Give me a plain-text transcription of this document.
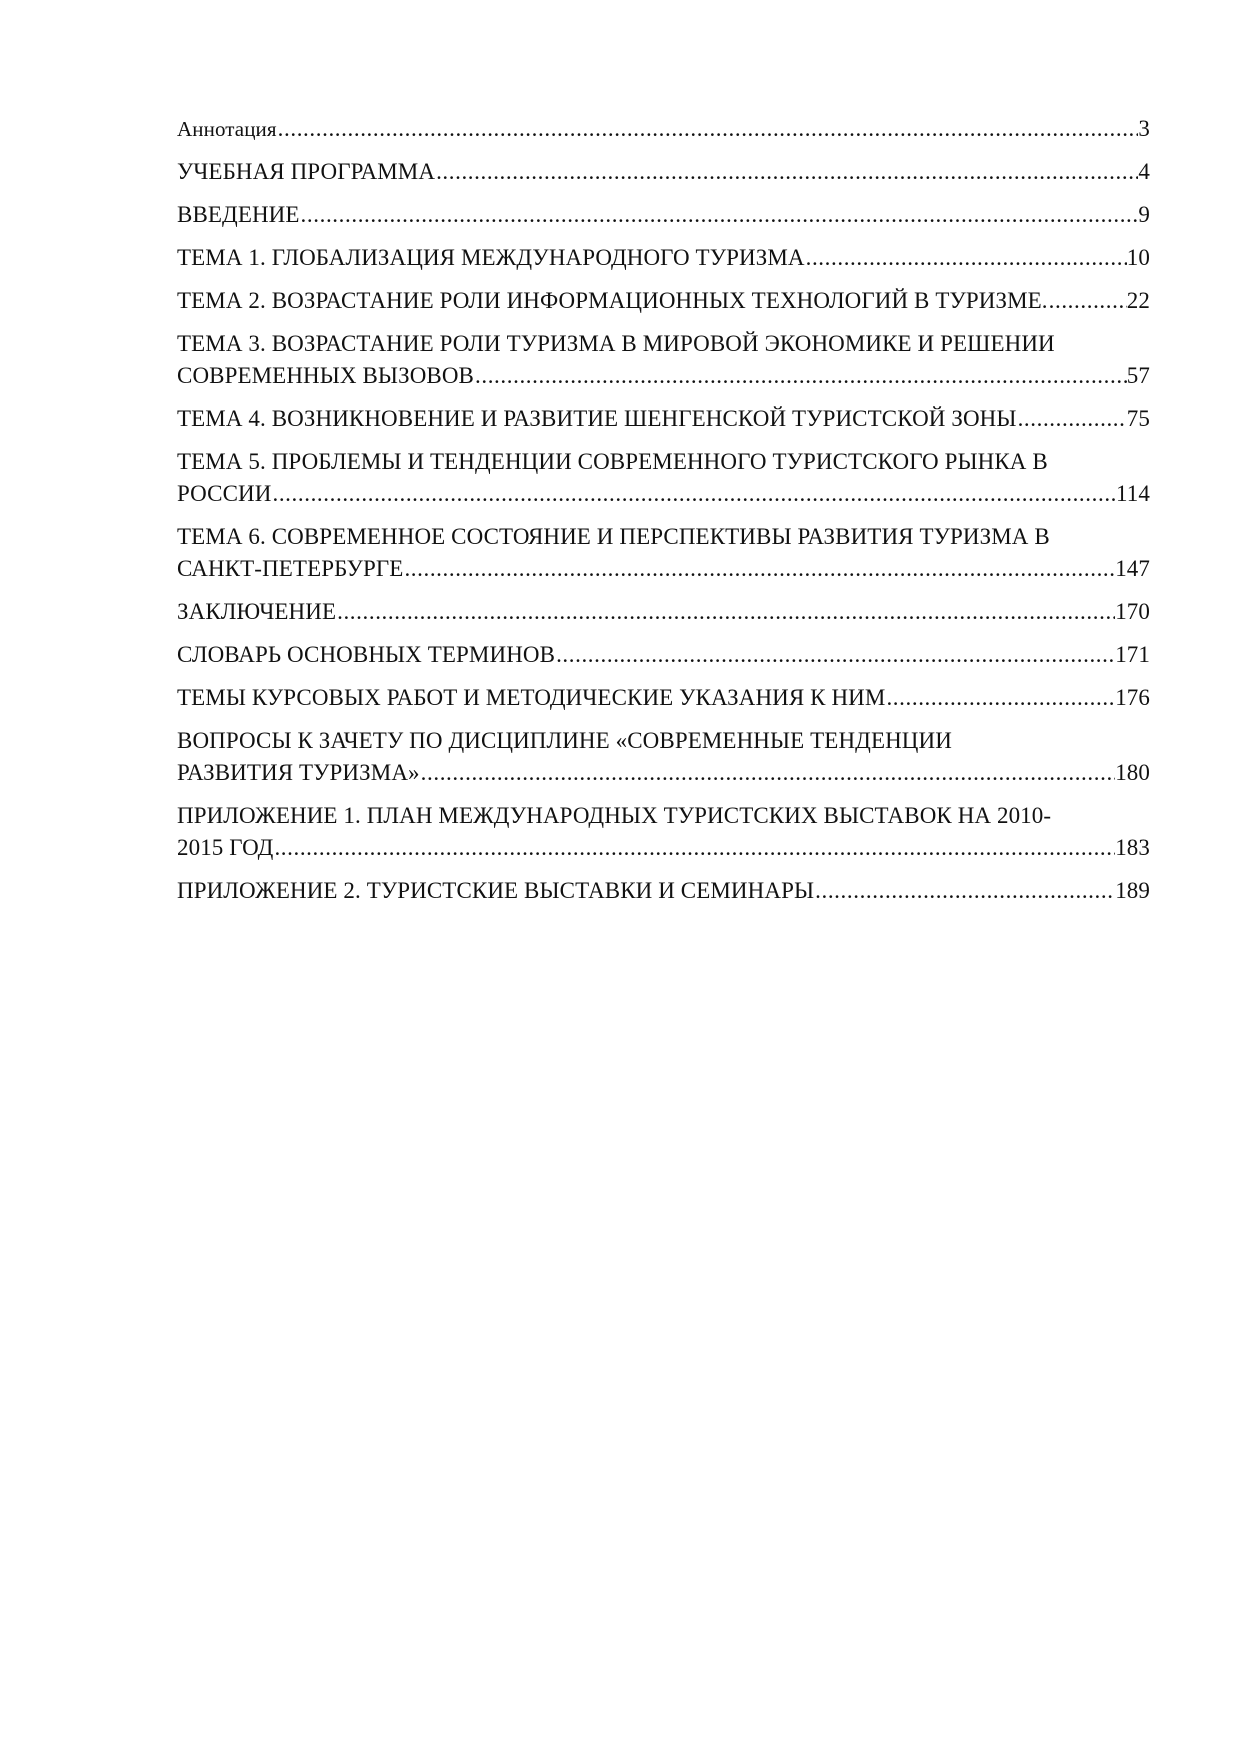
Аннотация .....	3
УЧЕБНАЯ ПРОГРАММА .....	4
ВВЕДЕНИЕ .....	9
ТЕМА 1. ГЛОБАЛИЗАЦИЯ МЕЖДУНАРОДНОГО ТУРИЗМА .....	10
ТЕМА 2. ВОЗРАСТАНИЕ РОЛИ ИНФОРМАЦИОННЫХ ТЕХНОЛОГИЙ В ТУРИЗМЕ. .....	22
ТЕМА 3. ВОЗРАСТАНИЕ РОЛИ ТУРИЗМА В МИРОВОЙ ЭКОНОМИКЕ И РЕШЕНИИ
СОВРЕМЕННЫХ ВЫЗОВОВ .....	57
ТЕМА 4. ВОЗНИКНОВЕНИЕ И РАЗВИТИЕ ШЕНГЕНСКОЙ ТУРИСТСКОЙ ЗОНЫ .....	75
ТЕМА 5. ПРОБЛЕМЫ И ТЕНДЕНЦИИ СОВРЕМЕННОГО ТУРИСТСКОГО РЫНКА В
РОССИИ .....	114
ТЕМА 6. СОВРЕМЕННОЕ СОСТОЯНИЕ И ПЕРСПЕКТИВЫ РАЗВИТИЯ ТУРИЗМА В
САНКТ-ПЕТЕРБУРГЕ .....	147
ЗАКЛЮЧЕНИЕ .....	170
СЛОВАРЬ ОСНОВНЫХ ТЕРМИНОВ .....	171
ТЕМЫ КУРСОВЫХ РАБОТ И МЕТОДИЧЕСКИЕ УКАЗАНИЯ К НИМ .....	176
ВОПРОСЫ К ЗАЧЕТУ ПО ДИСЦИПЛИНЕ «СОВРЕМЕННЫЕ ТЕНДЕНЦИИ
РАЗВИТИЯ ТУРИЗМА» .....	180
ПРИЛОЖЕНИЕ 1. ПЛАН МЕЖДУНАРОДНЫХ ТУРИСТСКИХ ВЫСТАВОК НА 2010-
2015 ГОД .....	183
ПРИЛОЖЕНИЕ 2. ТУРИСТСКИЕ ВЫСТАВКИ И СЕМИНАРЫ .....	189
